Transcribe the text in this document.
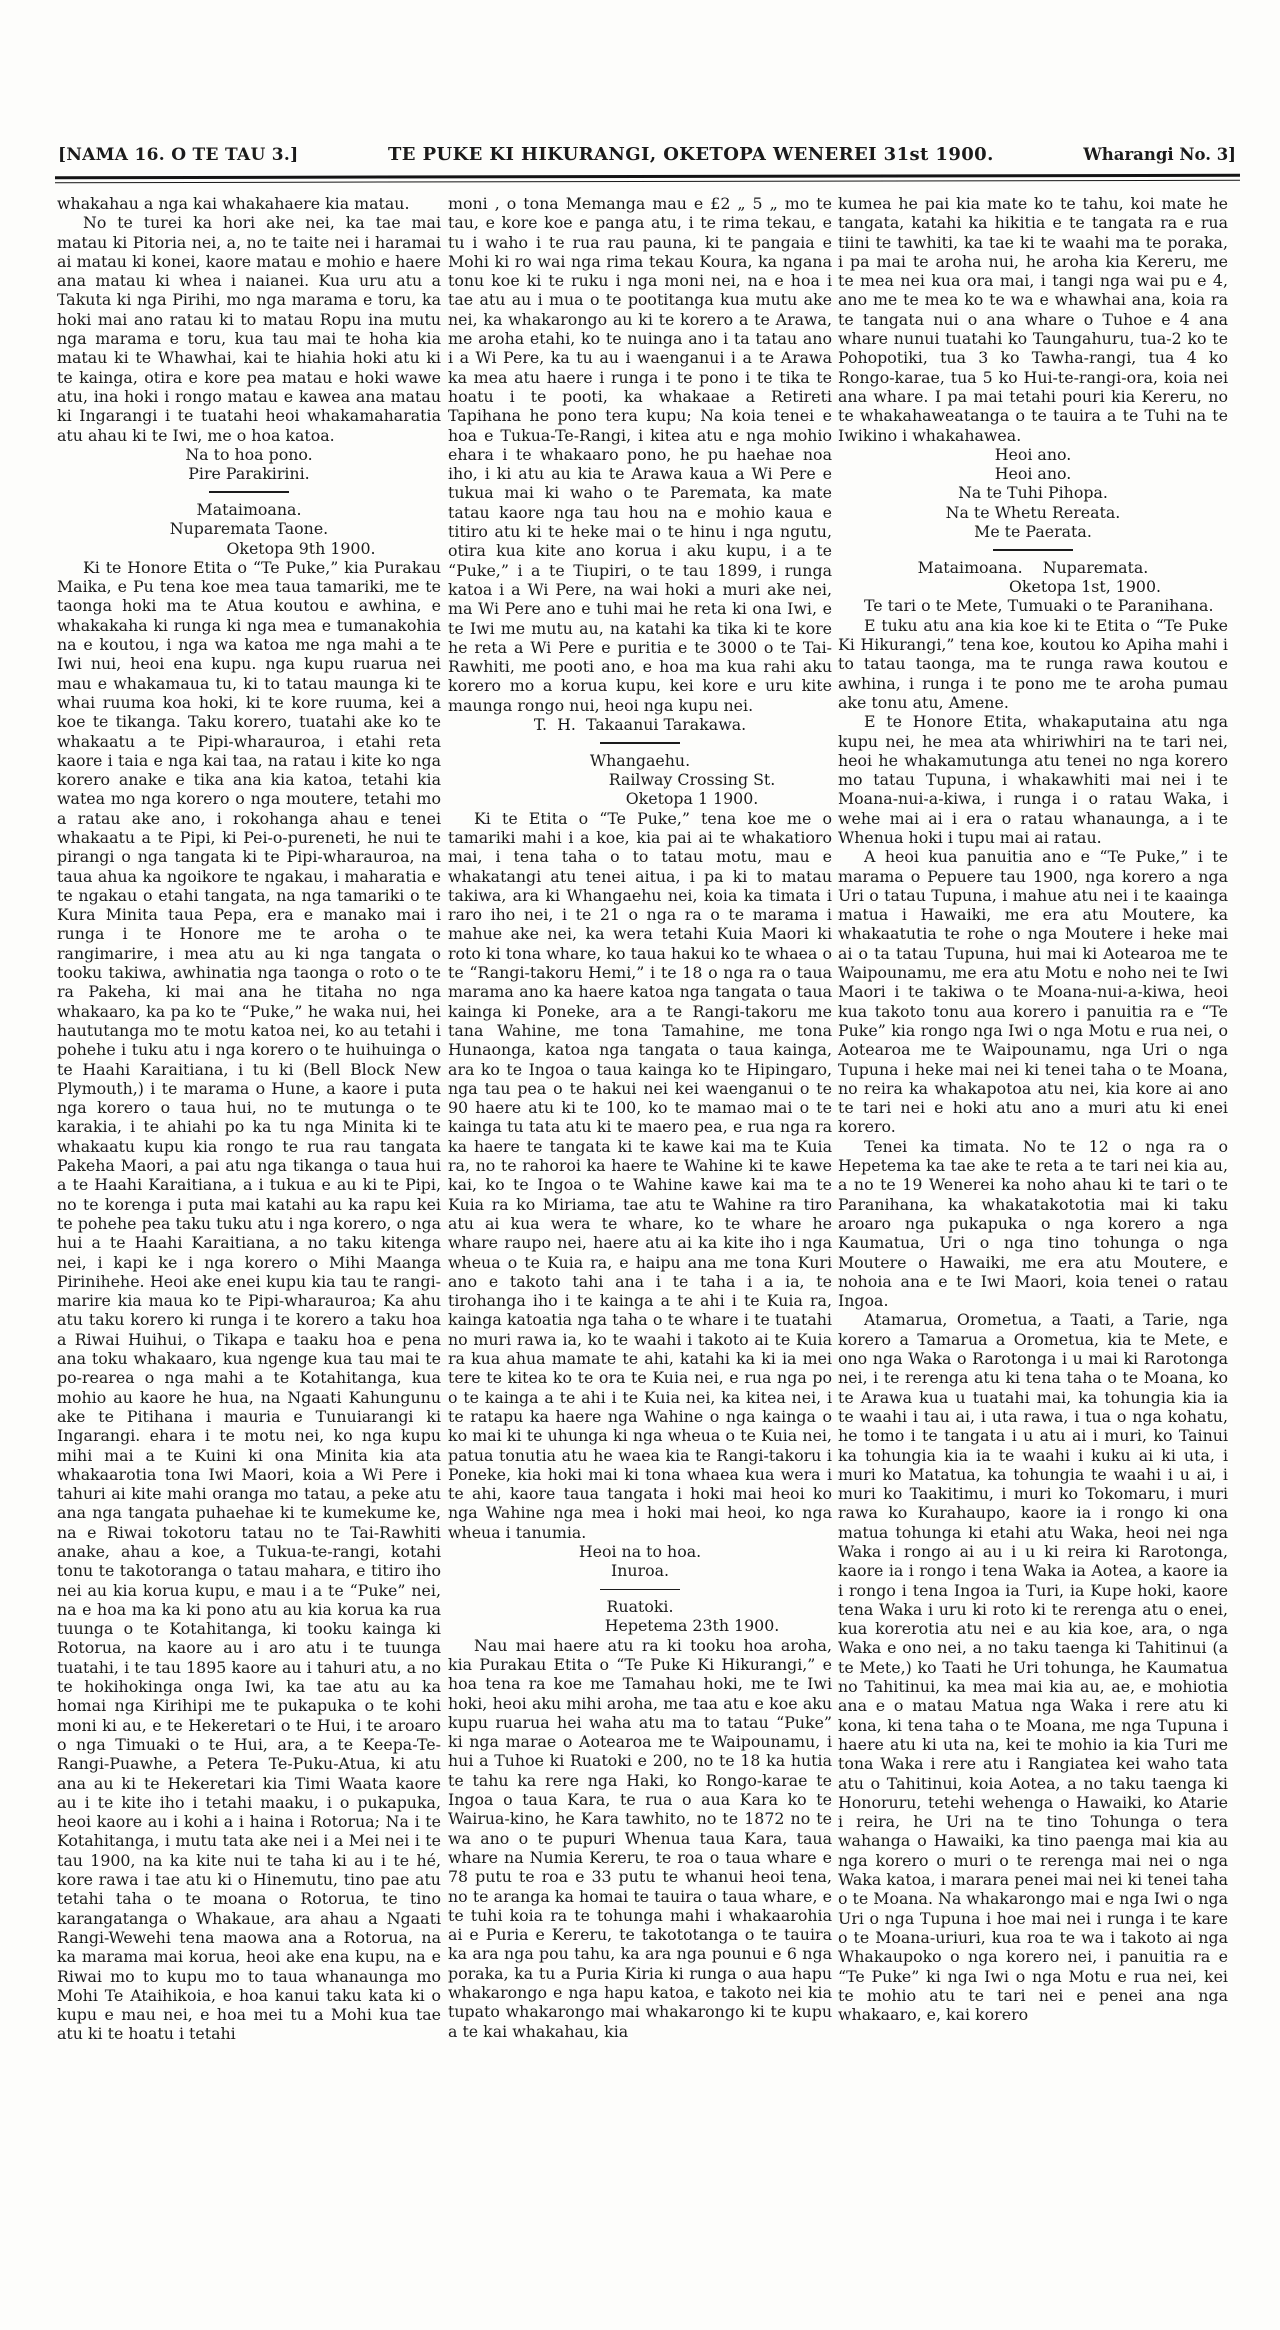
[NAMA 16. O TE TAU 3.]	TE PUKE KI HIKURANGI, OKETOPA WENEREI 31st 1900.	Wharangi No. 3]
whakahau a nga kai whakahaere kia matau.
No te turei ka hori ake nei, ka tae mai matau ki Pitoria nei, a, no te taite nei i haramai ai matau ki konei, kaore matau e mohio e haere ana matau ki whea i naianei. Kua uru atu a Takuta ki nga Pirihi, mo nga marama e toru, ka hoki mai ano ratau ki to matau Ropu ina mutu nga marama e toru, kua tau mai te hoha kia matau ki te Whawhai, kai te hiahia hoki atu ki te kainga, otira e kore pea matau e hoki wawe atu, ina hoki i rongo matau e kawea ana matau ki Ingarangi i te tuatahi heoi whakamaharatia atu ahau ki te Iwi, me o hoa katoa.
Na to hoa pono.
Pire Parakirini.
Mataimoana.
Nuparemata Taone.
Oketopa 9th 1900.
Ki te Honore Etita o “Te Puke,” kia Purakau Maika, e Pu tena koe mea taua tamariki, me te taonga hoki ma te Atua koutou e awhina, e whakakaha ki runga ki nga mea e tumanakohia na e koutou, i nga wa katoa me nga mahi a te Iwi nui, heoi ena kupu. nga kupu ruarua nei mau e whakamaua tu, ki to tatau maunga ki te whai ruuma koa hoki, ki te kore ruuma, kei a koe te tikanga. Taku korero, tuatahi ake ko te whakaatu a te Pipi-wharauroa, i etahi reta kaore i taia e nga kai taa, na ratau i kite ko nga korero anake e tika ana kia katoa, tetahi kia watea mo nga korero o nga moutere, tetahi mo a ratau ake ano, i rokohanga ahau e tenei whakaatu a te Pipi, ki Pei-o-pureneti, he nui te pirangi o nga tangata ki te Pipi-wharauroa, na taua ahua ka ngoikore te ngakau, i maharatia e te ngakau o etahi tangata, na nga tamariki o te Kura Minita taua Pepa, era e manako mai i runga i te Honore me te aroha o te rangimarire, i mea atu au ki nga tangata o tooku takiwa, awhinatia nga taonga o roto o te ra Pakeha, ki mai ana he titaha no nga whakaaro, ka pa ko te “Puke,” he waka nui, hei haututanga mo te motu katoa nei, ko au tetahi i pohehe i tuku atu i nga korero o te huihuinga o te Haahi Karaitiana, i tu ki (Bell Block New Plymouth,) i te marama o Hune, a kaore i puta nga korero o taua hui, no te mutunga o te karakia, i te ahiahi po ka tu nga Minita ki te whakaatu kupu kia rongo te rua rau tangata Pakeha Maori, a pai atu nga tikanga o taua hui a te Haahi Karaitiana, a i tukua e au ki te Pipi, no te korenga i puta mai katahi au ka rapu kei te pohehe pea taku tuku atu i nga korero, o nga hui a te Haahi Karaitiana, a no taku kitenga nei, i kapi ke i nga korero o Mihi Maanga Pirinihehe. Heoi ake enei kupu kia tau te rangi-marire kia maua ko te Pipi-wharauroa; Ka ahu atu taku korero ki runga i te korero a taku hoa a Riwai Huihui, o Tikapa e taaku hoa e pena ana toku whakaaro, kua ngenge kua tau mai te po-rearea o nga mahi a te Kotahitanga, kua mohio au kaore he hua, na Ngaati Kahungunu ake te Pitihana i mauria e Tunuiarangi ki Ingarangi. ehara i te motu nei, ko nga kupu mihi mai a te Kuini ki ona Minita kia ata whakaarotia tona Iwi Maori, koia a Wi Pere i tahuri ai kite mahi oranga mo tatau, a peke atu ana nga tangata puhaehae ki te kumekume ke, na e Riwai tokotoru tatau no te Tai-Rawhiti anake, ahau a koe, a Tukua-te-rangi, kotahi tonu te takotoranga o tatau mahara, e titiro iho nei au kia korua kupu, e mau i a te “Puke” nei, na e hoa ma ka ki pono atu au kia korua ka rua tuunga o te Kotahitanga, ki tooku kainga ki Rotorua, na kaore au i aro atu i te tuunga tuatahi, i te tau 1895 kaore au i tahuri atu, a no te hokihokinga onga Iwi, ka tae atu au ka homai nga Kirihipi me te pukapuka o te kohi moni ki au, e te Hekeretari o te Hui, i te aroaro o nga Timuaki o te Hui, ara, a te Keepa-Te-Rangi-Puawhe, a Petera Te-Puku-Atua, ki atu ana au ki te Hekeretari kia Timi Waata kaore au i te kite iho i tetahi maaku, i o pukapuka, heoi kaore au i kohi a i haina i Rotorua; Na i te Kotahitanga, i mutu tata ake nei i a Mei nei i te tau 1900, na ka kite nui te taha ki au i te hé, kore rawa i tae atu ki o Hinemutu, tino pae atu tetahi taha o te moana o Rotorua, te tino karangatanga o Whakaue, ara ahau a Ngaati Rangi-Wewehi tena maowa ana a Rotorua, na ka marama mai korua, heoi ake ena kupu, na e Riwai mo to kupu mo to taua whanaunga mo Mohi Te Ataihikoia, e hoa kanui taku kata ki o kupu e mau nei, e hoa mei tu a Mohi kua tae atu ki te hoatu i tetahi
moni , o tona Memanga mau e £2 „ 5 „ mo te tau, e kore koe e panga atu, i te rima tekau, e tu i waho i te rua rau pauna, ki te pangaia e Mohi ki ro wai nga rima tekau Koura, ka ngana tonu koe ki te ruku i nga moni nei, na e hoa i tae atu au i mua o te pootitanga kua mutu ake nei, ka whakarongo au ki te korero a te Arawa, me aroha etahi, ko te nuinga ano i ta tatau ano i a Wi Pere, ka tu au i waenganui i a te Arawa ka mea atu haere i runga i te pono i te tika te hoatu i te pooti, ka whakaae a Retireti Tapihana he pono tera kupu; Na koia tenei e hoa e Tukua-Te-Rangi, i kitea atu e nga mohio ehara i te whakaaro pono, he pu haehae noa iho, i ki atu au kia te Arawa kaua a Wi Pere e tukua mai ki waho o te Paremata, ka mate tatau kaore nga tau hou na e mohio kaua e titiro atu ki te heke mai o te hinu i nga ngutu, otira kua kite ano korua i aku kupu, i a te “Puke,” i a te Tiupiri, o te tau 1899, i runga katoa i a Wi Pere, na wai hoki a muri ake nei, ma Wi Pere ano e tuhi mai he reta ki ona Iwi, e te Iwi me mutu au, na katahi ka tika ki te kore he reta a Wi Pere e puritia e te 3000 o te Tai-Rawhiti, me pooti ano, e hoa ma kua rahi aku korero mo a korua kupu, kei kore e uru kite maunga rongo nui, heoi nga kupu nei.
T.  H.  Takaanui Tarakawa.
Whangaehu.
Railway Crossing St.
Oketopa 1 1900.
Ki te Etita o “Te Puke,” tena koe me o tamariki mahi i a koe, kia pai ai te whakatioro mai, i tena taha o to tatau motu, mau e whakatangi atu tenei aitua, i pa ki to matau takiwa, ara ki Whangaehu nei, koia ka timata i raro iho nei, i te 21 o nga ra o te marama i mahue ake nei, ka wera tetahi Kuia Maori ki roto ki tona whare, ko taua hakui ko te whaea o te “Rangi-takoru Hemi,” i te 18 o nga ra o taua marama ano ka haere katoa nga tangata o taua kainga ki Poneke, ara a te Rangi-takoru me tana Wahine, me tona Tamahine, me tona Hunaonga, katoa nga tangata o taua kainga, ara ko te Ingoa o taua kainga ko te Hipingaro, nga tau pea o te hakui nei kei waenganui o te 90 haere atu ki te 100, ko te mamao mai o te kainga tu tata atu ki te maero pea, e rua nga ra ka haere te tangata ki te kawe kai ma te Kuia ra, no te rahoroi ka haere te Wahine ki te kawe kai, ko te Ingoa o te Wahine kawe kai ma te Kuia ra ko Miriama, tae atu te Wahine ra tiro atu ai kua wera te whare, ko te whare he whare raupo nei, haere atu ai ka kite iho i nga wheua o te Kuia ra, e haipu ana me tona Kuri ano e takoto tahi ana i te taha i a ia, te tirohanga iho i te kainga a te ahi i te Kuia ra, kainga katoatia nga taha o te whare i te tuatahi no muri rawa ia, ko te waahi i takoto ai te Kuia ra kua ahua mamate te ahi, katahi ka ki ia mei tere te kitea ko te ora te Kuia nei, e rua nga po o te kainga a te ahi i te Kuia nei, ka kitea nei, i te ratapu ka haere nga Wahine o nga kainga o ko mai ki te uhunga ki nga wheua o te Kuia nei, patua tonutia atu he waea kia te Rangi-takoru i Poneke, kia hoki mai ki tona whaea kua wera i te ahi, kaore taua tangata i hoki mai heoi ko nga Wahine nga mea i hoki mai heoi, ko nga wheua i tanumia.
Heoi na to hoa.
Inuroa.
Ruatoki.
Hepetema 23th 1900.
Nau mai haere atu ra ki tooku hoa aroha, kia Purakau Etita o “Te Puke Ki Hikurangi,” e hoa tena ra koe me Tamahau hoki, me te Iwi hoki, heoi aku mihi aroha, me taa atu e koe aku kupu ruarua hei waha atu ma to tatau “Puke” ki nga marae o Aotearoa me te Waipounamu, i hui a Tuhoe ki Ruatoki e 200, no te 18 ka hutia te tahu ka rere nga Haki, ko Rongo-karae te Ingoa o taua Kara, te rua o aua Kara ko te Wairua-kino, he Kara tawhito, no te 1872 no te wa ano o te pupuri Whenua taua Kara, taua whare na Numia Kereru, te roa o taua whare e 78 putu te roa e 33 putu te whanui heoi tena, no te aranga ka homai te tauira o taua whare, e te tuhi koia ra te tohunga mahi i whakaarohia ai e Puria e Kereru, te takototanga o te tauira ka ara nga pou tahu, ka ara nga pounui e 6 nga poraka, ka tu a Puria Kiria ki runga o aua hapu whakarongo e nga hapu katoa, e takoto nei kia tupato whakarongo mai whakarongo ki te kupu a te kai whakahau, kia
kumea he pai kia mate ko te tahu, koi mate he tangata, katahi ka hikitia e te tangata ra e rua tiini te tawhiti, ka tae ki te waahi ma te poraka, i pa mai te aroha nui, he aroha kia Kereru, me te mea nei kua ora mai, i tangi nga wai pu e 4, ano me te mea ko te wa e whawhai ana, koia ra te tangata nui o ana whare o Tuhoe e 4 ana whare nunui tuatahi ko Taungahuru, tua-2 ko te Pohopotiki, tua 3 ko Tawha-rangi, tua 4 ko Rongo-karae, tua 5 ko Hui-te-rangi-ora, koia nei ana whare. I pa mai tetahi pouri kia Kereru, no te whakahaweatanga o te tauira a te Tuhi na te Iwikino i whakahawea.
Heoi ano.
Heoi ano.
Na te Tuhi Pihopa.
Na te Whetu Rereata.
Me te Paerata.
Mataimoana.    Nuparemata.
Oketopa 1st, 1900.
Te tari o te Mete, Tumuaki o te Paranihana.
E tuku atu ana kia koe ki te Etita o “Te Puke Ki Hikurangi,” tena koe, koutou ko Apiha mahi i to tatau taonga, ma te runga rawa koutou e awhina, i runga i te pono me te aroha pumau ake tonu atu, Amene.
E te Honore Etita, whakaputaina atu nga kupu nei, he mea ata whiriwhiri na te tari nei, heoi he whakamutunga atu tenei no nga korero mo tatau Tupuna, i whakawhiti mai nei i te Moana-nui-a-kiwa, i runga i o ratau Waka, i wehe mai ai i era o ratau whanaunga, a i te Whenua hoki i tupu mai ai ratau.
A heoi kua panuitia ano e “Te Puke,” i te marama o Pepuere tau 1900, nga korero a nga Uri o tatau Tupuna, i mahue atu nei i te kaainga matua i Hawaiki, me era atu Moutere, ka whakaatutia te rohe o nga Moutere i heke mai ai o ta tatau Tupuna, hui mai ki Aotearoa me te Waipounamu, me era atu Motu e noho nei te Iwi Maori i te takiwa o te Moana-nui-a-kiwa, heoi kua takoto tonu aua korero i panuitia ra e “Te Puke” kia rongo nga Iwi o nga Motu e rua nei, o Aotearoa me te Waipounamu, nga Uri o nga Tupuna i heke mai nei ki tenei taha o te Moana, no reira ka whakapotoa atu nei, kia kore ai ano te tari nei e hoki atu ano a muri atu ki enei korero.
Tenei ka timata. No te 12 o nga ra o Hepetema ka tae ake te reta a te tari nei kia au, a no te 19 Wenerei ka noho ahau ki te tari o te Paranihana, ka whakatakototia mai ki taku aroaro nga pukapuka o nga korero a nga Kaumatua, Uri o nga tino tohunga o nga Moutere o Hawaiki, me era atu Moutere, e nohoia ana e te Iwi Maori, koia tenei o ratau Ingoa.
Atamarua, Orometua, a Taati, a Tarie, nga korero a Tamarua a Orometua, kia te Mete, e ono nga Waka o Rarotonga i u mai ki Rarotonga nei, i te rerenga atu ki tena taha o te Moana, ko te Arawa kua u tuatahi mai, ka tohungia kia ia te waahi i tau ai, i uta rawa, i tua o nga kohatu, he tomo i te tangata i u atu ai i muri, ko Tainui ka tohungia kia ia te waahi i kuku ai ki uta, i muri ko Matatua, ka tohungia te waahi i u ai, i muri ko Taakitimu, i muri ko Tokomaru, i muri rawa ko Kurahaupo, kaore ia i rongo ki ona matua tohunga ki etahi atu Waka, heoi nei nga Waka i rongo ai au i u ki reira ki Rarotonga, kaore ia i rongo i tena Waka ia Aotea, a kaore ia i rongo i tena Ingoa ia Turi, ia Kupe hoki, kaore tena Waka i uru ki roto ki te rerenga atu o enei, kua korerotia atu nei e au kia koe, ara, o nga Waka e ono nei, a no taku taenga ki Tahitinui (a te Mete,) ko Taati he Uri tohunga, he Kaumatua no Tahitinui, ka mea mai kia au, ae, e mohiotia ana e o matau Matua nga Waka i rere atu ki kona, ki tena taha o te Moana, me nga Tupuna i haere atu ki uta na, kei te mohio ia kia Turi me tona Waka i rere atu i Rangiatea kei waho tata atu o Tahitinui, koia Aotea, a no taku taenga ki Honoruru, tetehi wehenga o Hawaiki, ko Atarie i reira, he Uri na te tino Tohunga o tera wahanga o Hawaiki, ka tino paenga mai kia au nga korero o muri o te rerenga mai nei o nga Waka katoa, i marara penei mai nei ki tenei taha o te Moana. Na whakarongo mai e nga Iwi o nga Uri o nga Tupuna i hoe mai nei i runga i te kare o te Moana-uriuri, kua roa te wa i takoto ai nga Whakaupoko o nga korero nei, i panuitia ra e “Te Puke” ki nga Iwi o nga Motu e rua nei, kei te mohio atu te tari nei e penei ana nga whakaaro, e, kai korero
